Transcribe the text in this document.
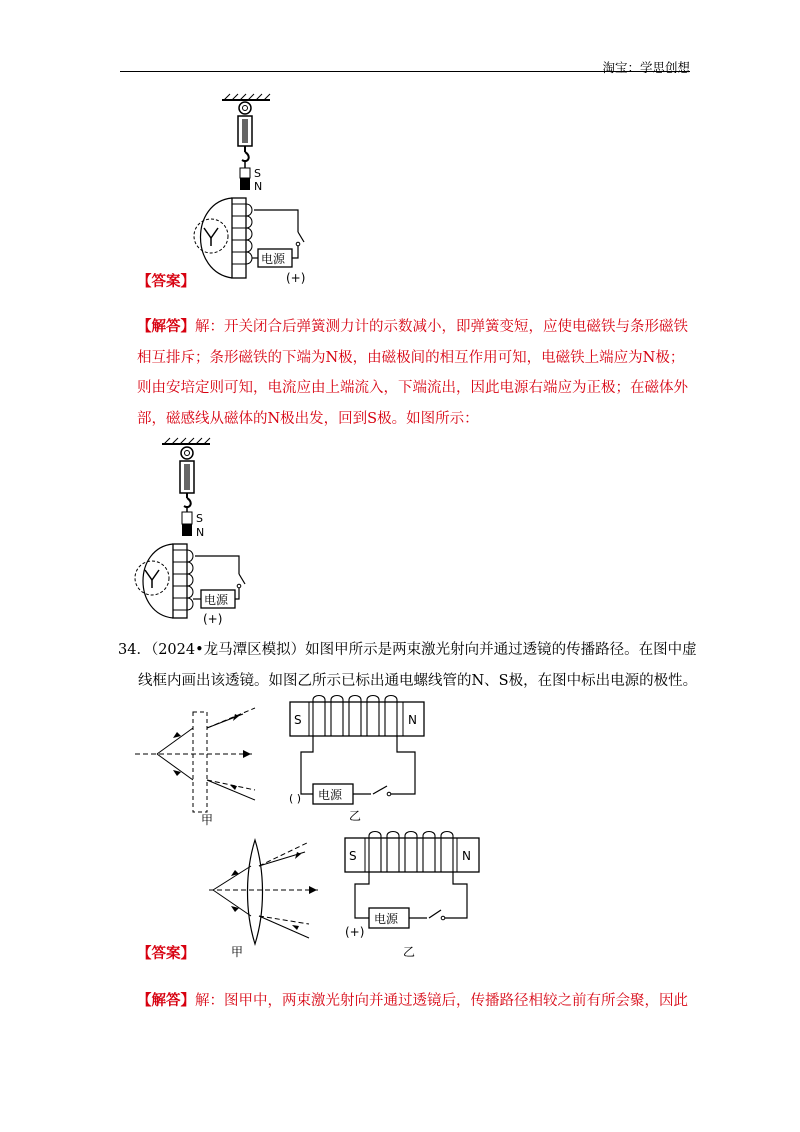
淘宝：学思创想
S
N
电源
(+)
【答案】
【解答】解：开关闭合后弹簧测力计的示数减小，即弹簧变短，应使电磁铁与条形磁铁相互排斥；条形磁铁的下端为N极，由磁极间的相互作用可知，电磁铁上端应为N极；则由安培定则可知，电流应由上端流入，下端流出，因此电源右端应为正极；在磁体外部，磁感线从磁体的N极出发，回到S极。如图所示：
S
N
电源
(+)
34．（2024•龙马潭区模拟）如图甲所示是两束激光射向并通过透镜的传播路径。在图中虚
线框内画出该透镜。如图乙所示已标出通电螺线管的N、S极，在图中标出电源的极性。
甲
S	N
电源
( )
乙
甲
S	N
电源
(+)
乙
【答案】
【解答】解：图甲中，两束激光射向并通过透镜后，传播路径相较之前有所会聚，因此
